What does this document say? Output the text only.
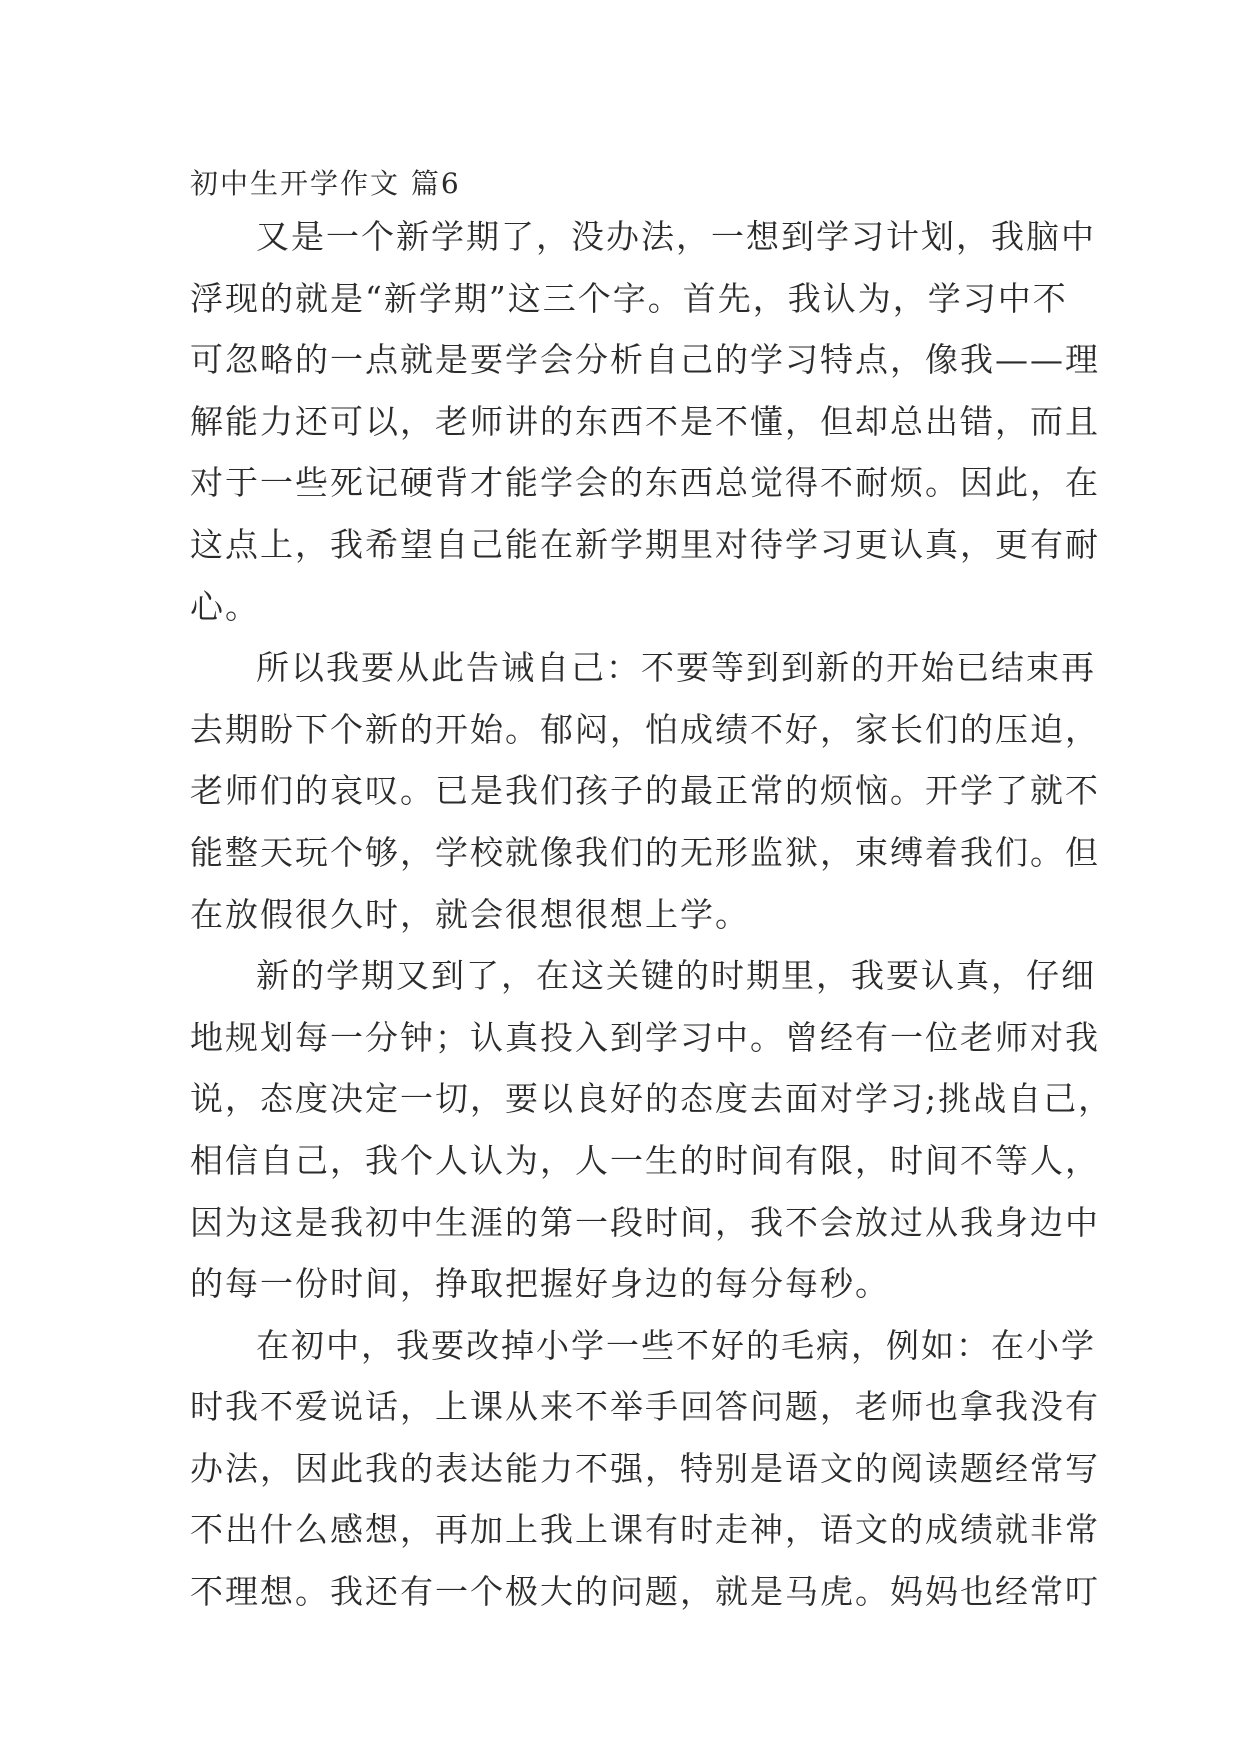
初中生开学作文 篇6
又是一个新学期了，没办法，一想到学习计划，我脑中
浮现的就是“新学期”这三个字。首先，我认为，学习中不
可忽略的一点就是要学会分析自己的学习特点，像我——理
解能力还可以，老师讲的东西不是不懂，但却总出错，而且
对于一些死记硬背才能学会的东西总觉得不耐烦。因此，在
这点上，我希望自己能在新学期里对待学习更认真，更有耐
心。
所以我要从此告诫自己：不要等到到新的开始已结束再
去期盼下个新的开始。郁闷，怕成绩不好，家长们的压迫，
老师们的哀叹。已是我们孩子的最正常的烦恼。开学了就不
能整天玩个够，学校就像我们的无形监狱，束缚着我们。但
在放假很久时，就会很想很想上学。
新的学期又到了，在这关键的时期里，我要认真，仔细
地规划每一分钟；认真投入到学习中。曾经有一位老师对我
说，态度决定一切，要以良好的态度去面对学习;挑战自己，
相信自己，我个人认为，人一生的时间有限，时间不等人，
因为这是我初中生涯的第一段时间，我不会放过从我身边中
的每一份时间，挣取把握好身边的每分每秒。
在初中，我要改掉小学一些不好的毛病，例如：在小学
时我不爱说话，上课从来不举手回答问题，老师也拿我没有
办法，因此我的表达能力不强，特别是语文的阅读题经常写
不出什么感想，再加上我上课有时走神，语文的成绩就非常
不理想。我还有一个极大的问题，就是马虎。妈妈也经常叮
